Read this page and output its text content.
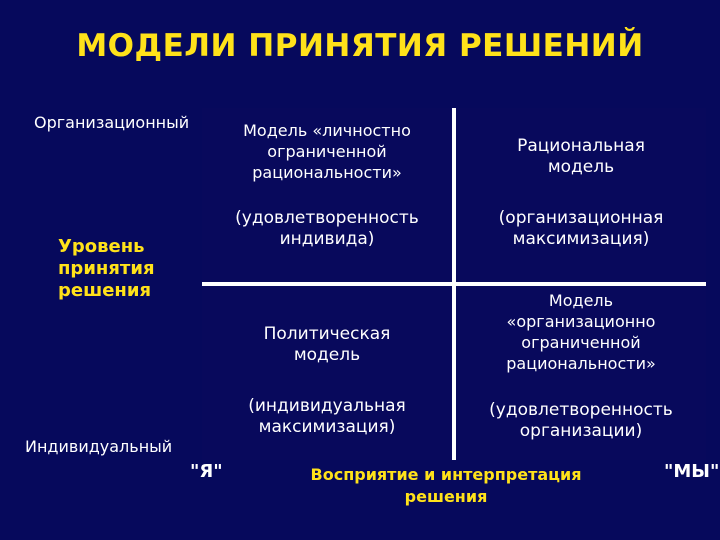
МОДЕЛИ ПРИНЯТИЯ РЕШЕНИЙ
Организационный
Уровень
принятия
решения
Индивидуальный
Модель «личностно
ограниченной
рациональности»
(удовлетворенность
индивида)
Рациональная
модель
(организационная
максимизация)
Политическая
модель
(индивидуальная
максимизация)
Модель
«организационно
ограниченной
рациональности»
(удовлетворенность
организации)
"Я"	Восприятие и интерпретация
решения
"МЫ"
